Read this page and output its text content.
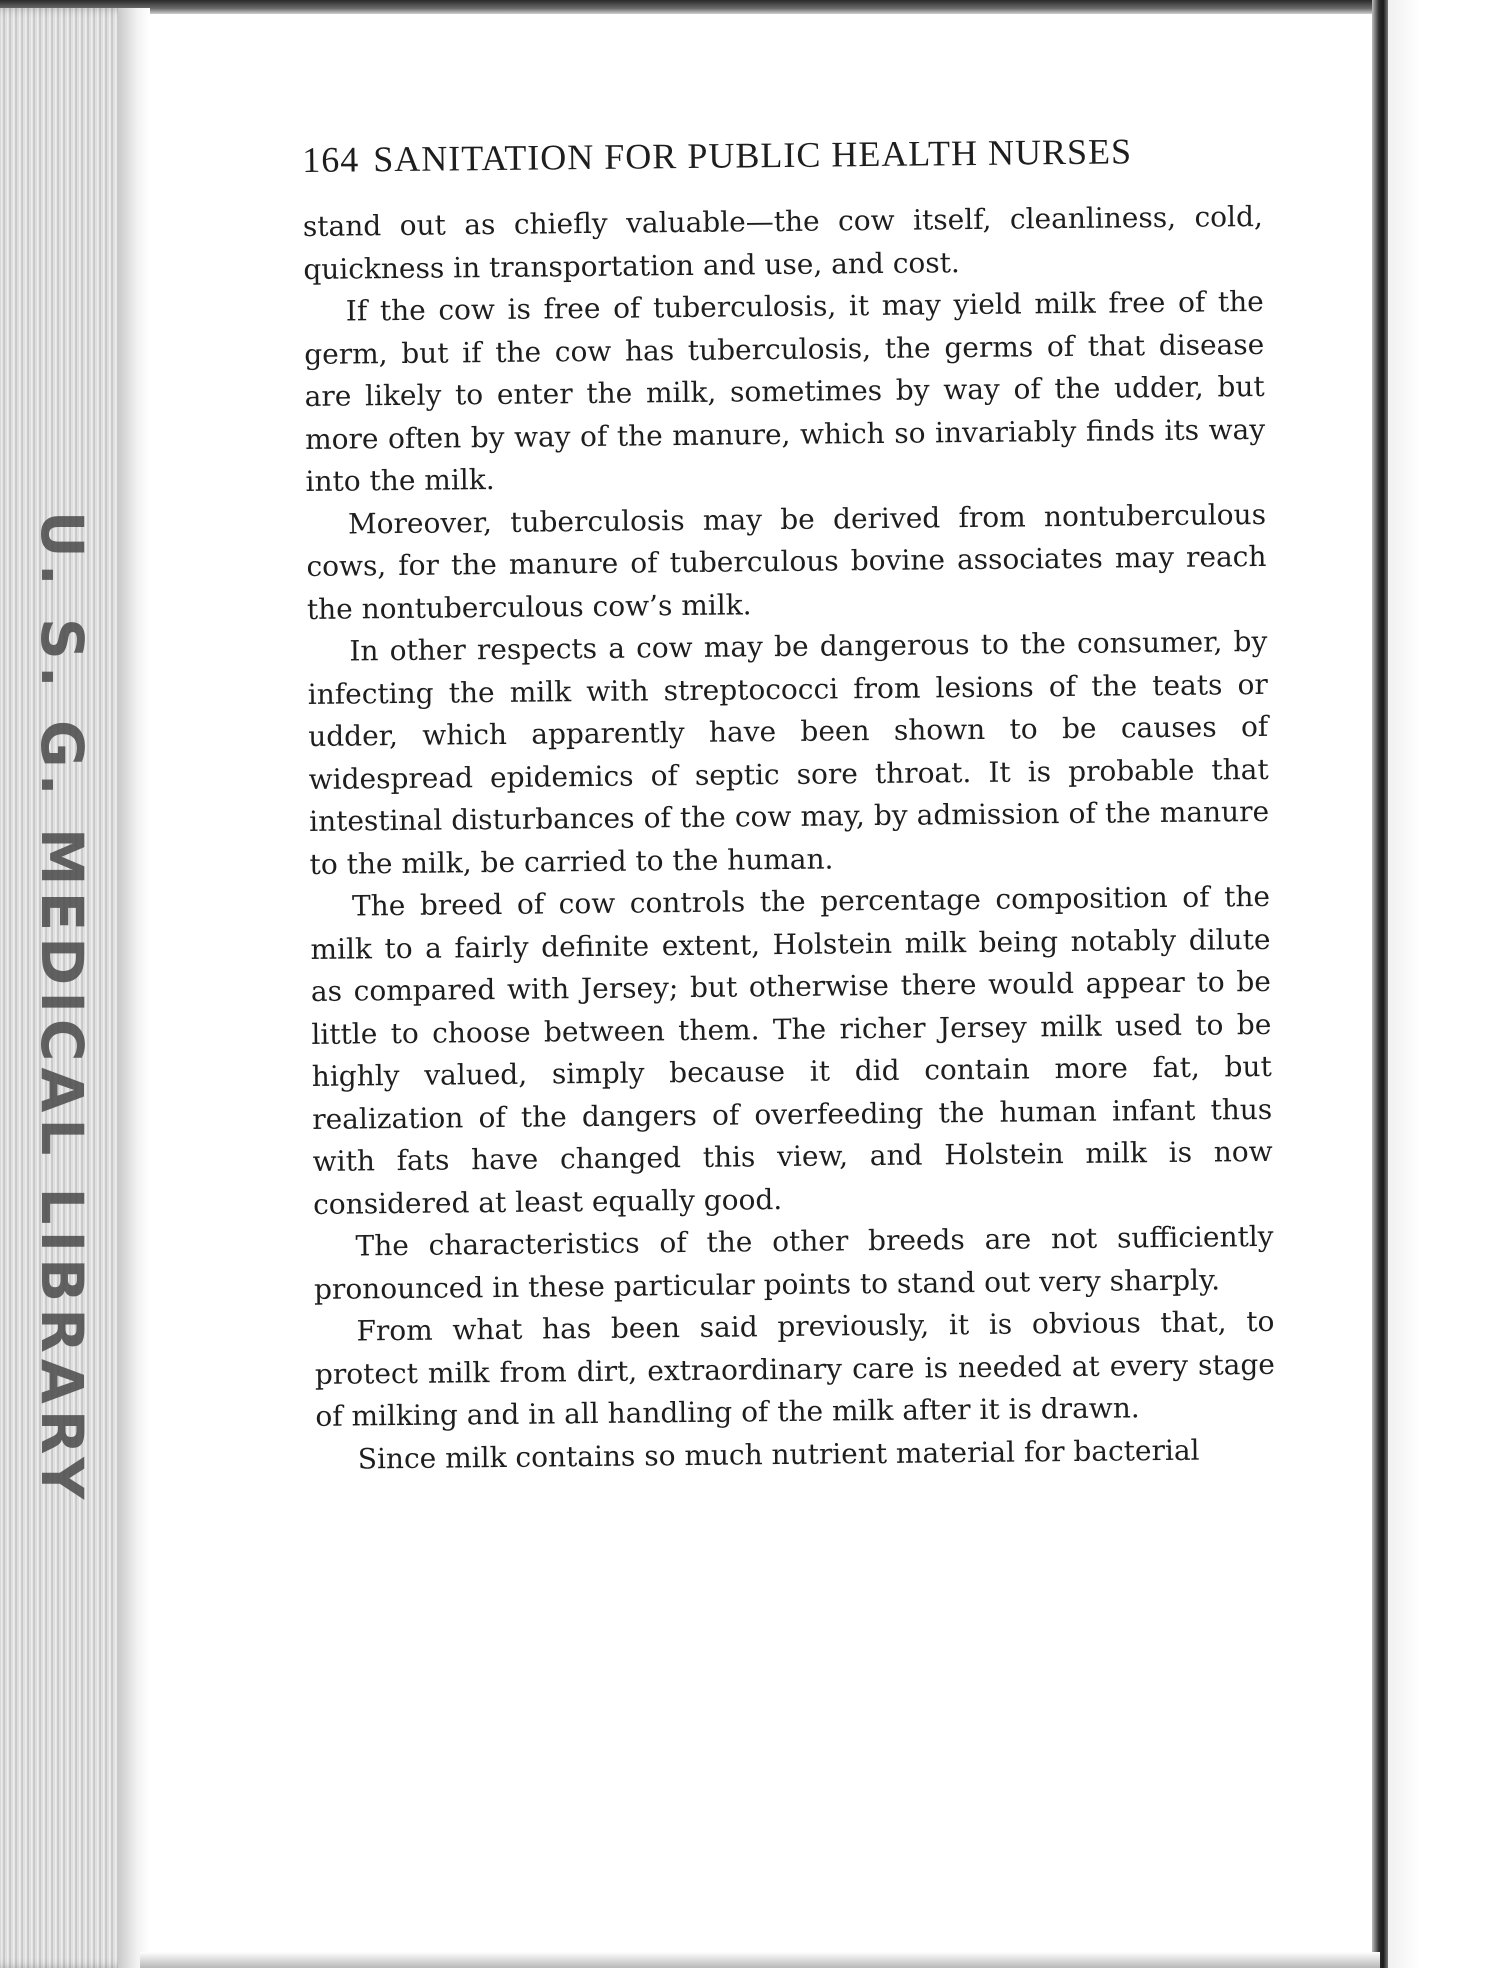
U. S. G. MEDICAL LIBRARY
164 SANITATION FOR PUBLIC HEALTH NURSES

stand out as chiefly valuable—the cow itself, cleanliness, cold, quickness in transportation and use, and cost.

If the cow is free of tuberculosis, it may yield milk free of the germ, but if the cow has tuberculosis, the germs of that disease are likely to enter the milk, sometimes by way of the udder, but more often by way of the manure, which so invariably finds its way into the milk.

Moreover, tuberculosis may be derived from nontuberculous cows, for the manure of tuberculous bovine associates may reach the nontuberculous cow’s milk.

In other respects a cow may be dangerous to the consumer, by infecting the milk with streptococci from lesions of the teats or udder, which apparently have been shown to be causes of widespread epidemics of septic sore throat. It is probable that intestinal disturbances of the cow may, by admission of the manure to the milk, be carried to the human.

The breed of cow controls the percentage composition of the milk to a fairly definite extent, Holstein milk being notably dilute as compared with Jersey; but otherwise there would appear to be little to choose between them. The richer Jersey milk used to be highly valued, simply because it did contain more fat, but realization of the dangers of overfeeding the human infant thus with fats have changed this view, and Holstein milk is now considered at least equally good.

The characteristics of the other breeds are not sufficiently pronounced in these particular points to stand out very sharply.

From what has been said previously, it is obvious that, to protect milk from dirt, extraordinary care is needed at every stage of milking and in all handling of the milk after it is drawn.

Since milk contains so much nutrient material for bacterial
